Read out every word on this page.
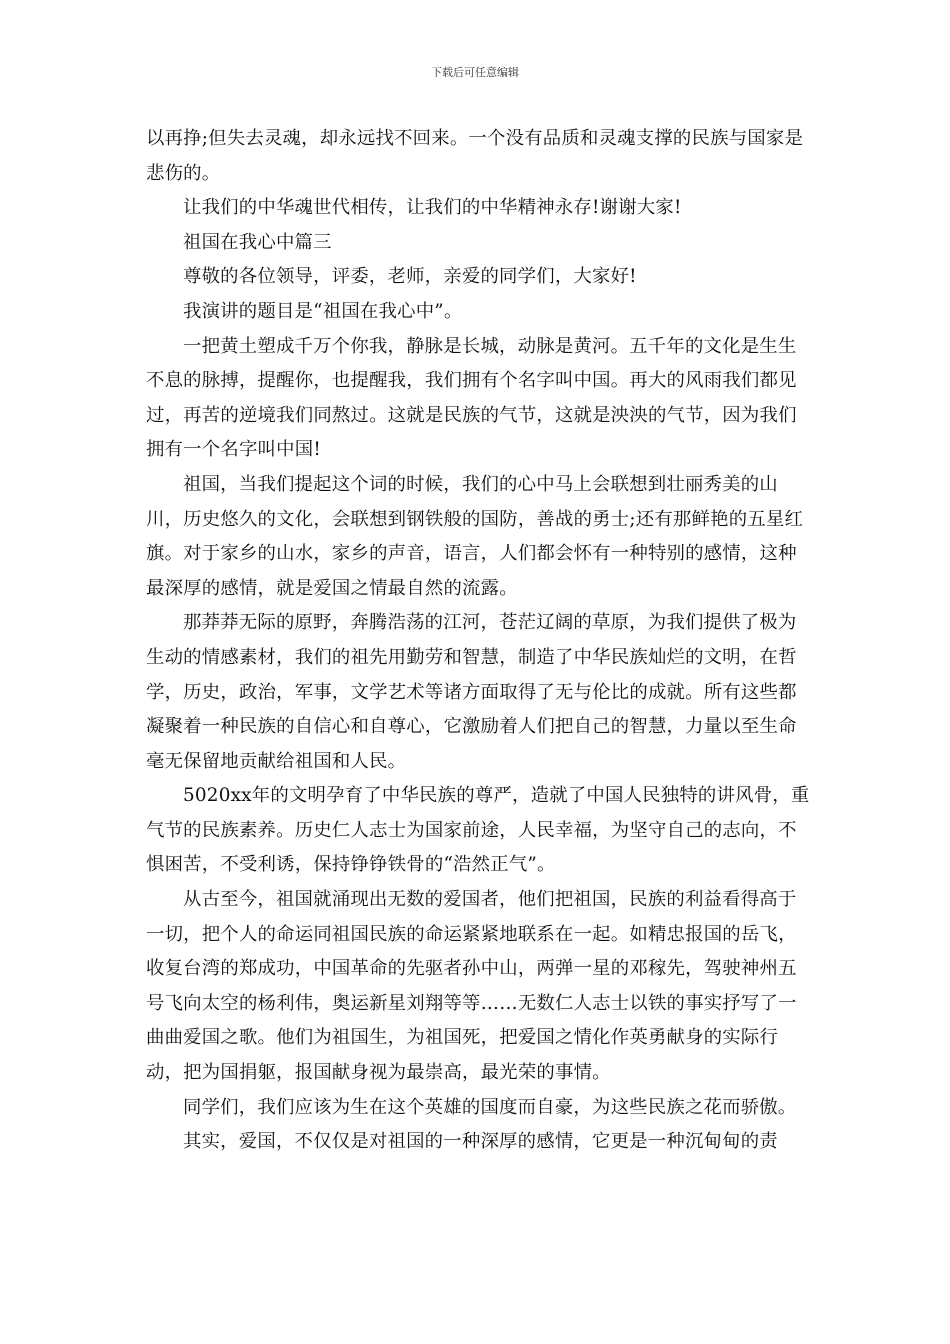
下载后可任意编辑

以再挣;但失去灵魂，却永远找不回来。一个没有品质和灵魂支撑的民族与国家是悲伤的。

让我们的中华魂世代相传，让我们的中华精神永存!谢谢大家!

祖国在我心中篇三

尊敬的各位领导，评委，老师，亲爱的同学们，大家好!

我演讲的题目是“祖国在我心中”。

一把黄土塑成千万个你我，静脉是长城，动脉是黄河。五千年的文化是生生不息的脉搏，提醒你，也提醒我，我们拥有个名字叫中国。再大的风雨我们都见过，再苦的逆境我们同熬过。这就是民族的气节，这就是泱泱的气节，因为我们拥有一个名字叫中国!

祖国，当我们提起这个词的时候，我们的心中马上会联想到壮丽秀美的山川，历史悠久的文化，会联想到钢铁般的国防，善战的勇士;还有那鲜艳的五星红旗。对于家乡的山水，家乡的声音，语言，人们都会怀有一种特别的感情，这种最深厚的感情，就是爱国之情最自然的流露。

那莽莽无际的原野，奔腾浩荡的江河，苍茫辽阔的草原，为我们提供了极为生动的情感素材，我们的祖先用勤劳和智慧，制造了中华民族灿烂的文明，在哲学，历史，政治，军事，文学艺术等诸方面取得了无与伦比的成就。所有这些都凝聚着一种民族的自信心和自尊心，它激励着人们把自己的智慧，力量以至生命毫无保留地贡献给祖国和人民。

5020xx年的文明孕育了中华民族的尊严，造就了中国人民独特的讲风骨，重气节的民族素养。历史仁人志士为国家前途，人民幸福，为坚守自己的志向，不惧困苦，不受利诱，保持铮铮铁骨的“浩然正气”。

从古至今，祖国就涌现出无数的爱国者，他们把祖国，民族的利益看得高于一切，把个人的命运同祖国民族的命运紧紧地联系在一起。如精忠报国的岳飞，收复台湾的郑成功，中国革命的先驱者孙中山，两弹一星的邓稼先，驾驶神州五号飞向太空的杨利伟，奥运新星刘翔等等……无数仁人志士以铁的事实抒写了一曲曲爱国之歌。他们为祖国生，为祖国死，把爱国之情化作英勇献身的实际行动，把为国捐躯，报国献身视为最崇高，最光荣的事情。

同学们，我们应该为生在这个英雄的国度而自豪，为这些民族之花而骄傲。

其实，爱国，不仅仅是对祖国的一种深厚的感情，它更是一种沉甸甸的责
